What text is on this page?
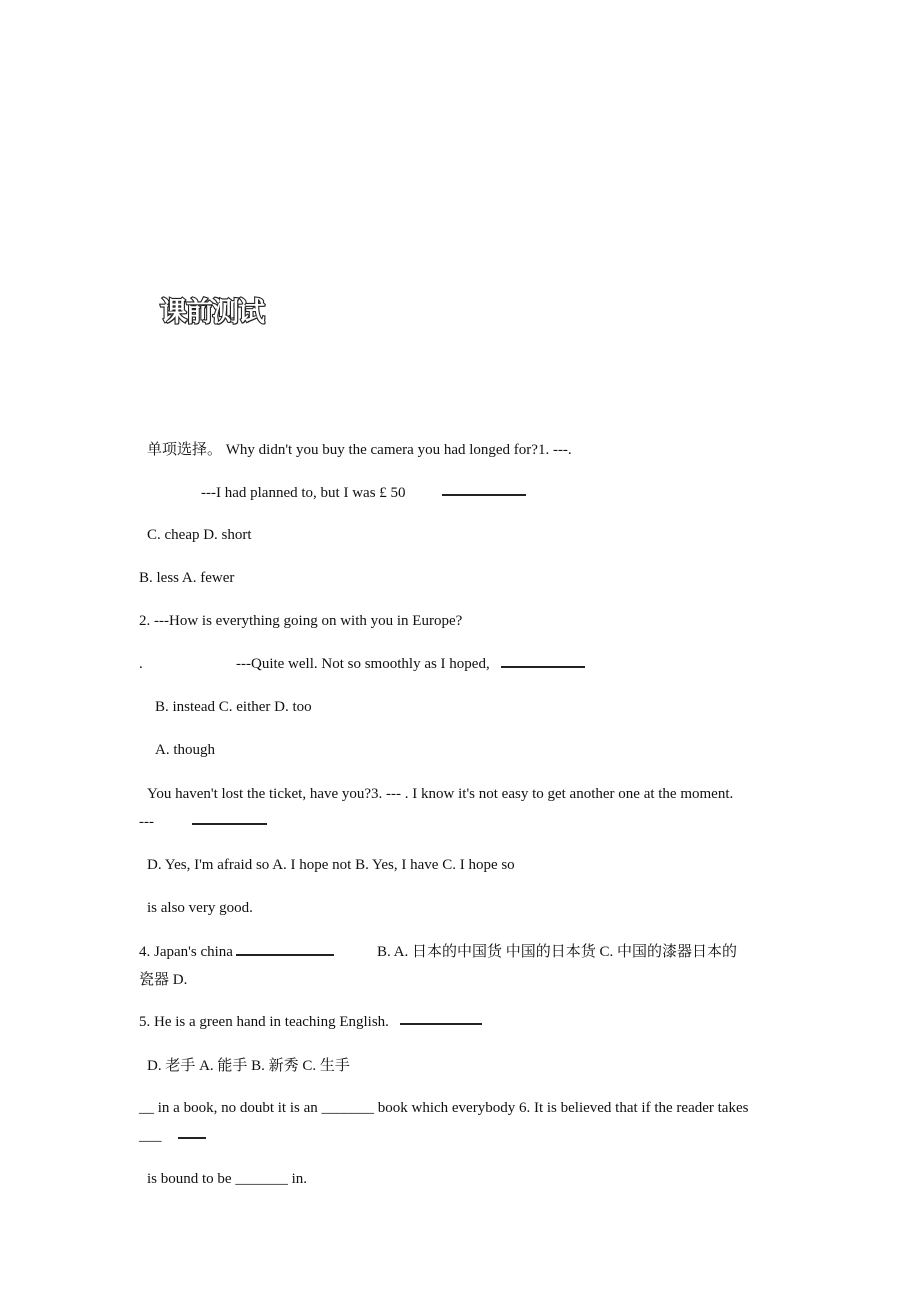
课前测试
单项选择。 Why didn't you buy the camera you had longed for?1. ---.
---I had planned to, but I was £ 50
C. cheap D. short
B. less A. fewer
2. ---How is everything going on with you in Europe?
.	---Quite well. Not so smoothly as I hoped,
B. instead C. either D. too
A. though
You haven't lost the ticket, have you?3. --- . I know it's not easy to get another one at the moment.
---
D. Yes, I'm afraid so A. I hope not B. Yes, I have C. I hope so
is also very good.
4. Japan's china	B. A. 日本的中国货 中国的日本货 C. 中国的漆器日本的
瓷器 D.
5. He is a green hand in teaching English.
D. 老手 A. 能手 B. 新秀 C. 生手
__ in a book, no doubt it is an _______ book which everybody 6. It is believed that if the reader takes
___
is bound to be _______ in.
